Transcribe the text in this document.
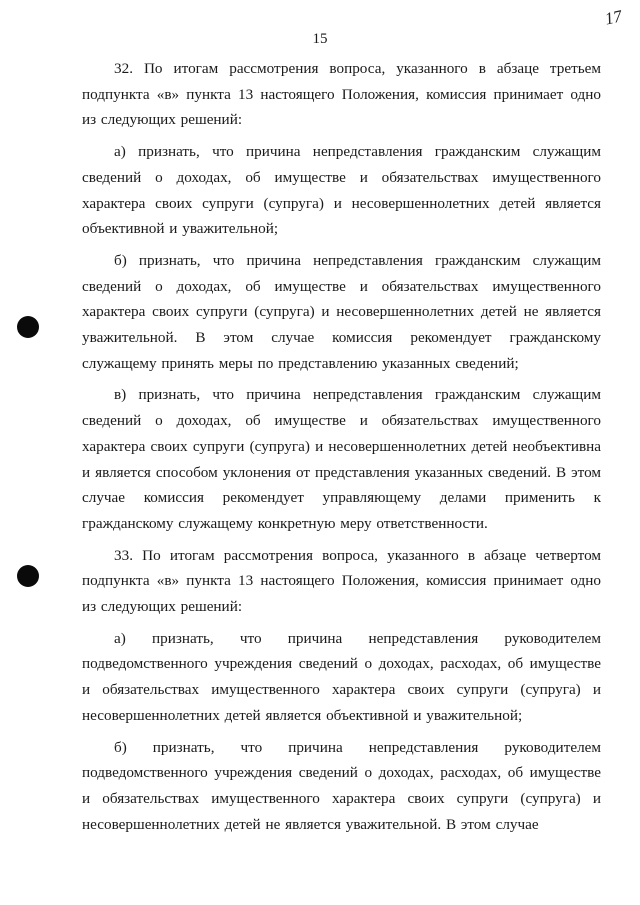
17
15

32. По итогам рассмотрения вопроса, указанного в абзаце третьем подпункта «в» пункта 13 настоящего Положения, комиссия принимает одно из следующих решений:

а) признать, что причина непредставления гражданским служащим сведений о доходах, об имуществе и обязательствах имущественного характера своих супруги (супруга) и несовершеннолетних детей является объективной и уважительной;

б) признать, что причина непредставления гражданским служащим сведений о доходах, об имуществе и обязательствах имущественного характера своих супруги (супруга) и несовершеннолетних детей не является уважительной. В этом случае комиссия рекомендует гражданскому служащему принять меры по представлению указанных сведений;

в) признать, что причина непредставления гражданским служащим сведений о доходах, об имуществе и обязательствах имущественного характера своих супруги (супруга) и несовершеннолетних детей необъективна и является способом уклонения от представления указанных сведений. В этом случае комиссия рекомендует управляющему делами применить к гражданскому служащему конкретную меру ответственности.

33. По итогам рассмотрения вопроса, указанного в абзаце четвертом подпункта «в» пункта 13 настоящего Положения, комиссия принимает одно из следующих решений:

а) признать, что причина непредставления руководителем подведомственного учреждения сведений о доходах, расходах, об имуществе и обязательствах имущественного характера своих супруги (супруга) и несовершеннолетних детей является объективной и уважительной;

б) признать, что причина непредставления руководителем подведомственного учреждения сведений о доходах, расходах, об имуществе и обязательствах имущественного характера своих супруги (супруга) и несовершеннолетних детей не является уважительной. В этом случае
